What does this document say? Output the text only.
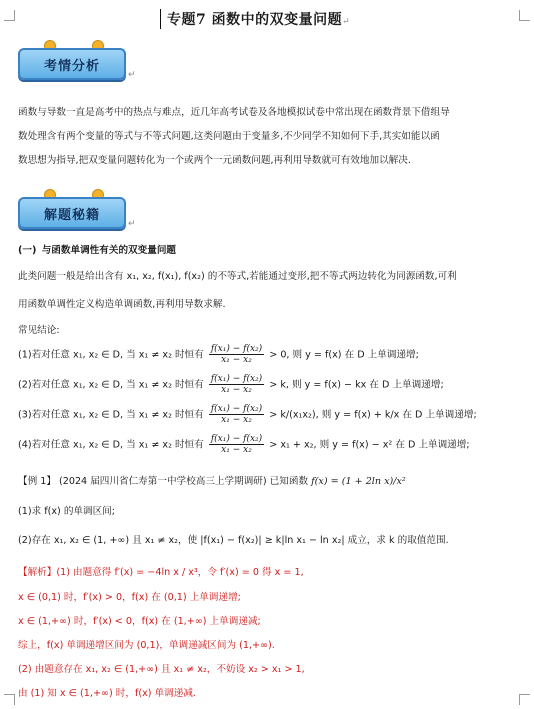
专题7 函数中的双变量问题↵
考情分析
↵
函数与导数一直是高考中的热点与难点，近几年高考试卷及各地模拟试卷中常出现在函数背景下借组导
数处理含有两个变量的等式与不等式问题,这类问题由于变量多,不少同学不知如何下手,其实如能以函
数思想为指导,把双变量问题转化为一个或两个一元函数问题,再利用导数就可有效地加以解决.
解题秘籍
↵
(一) 与函数单调性有关的双变量问题
此类问题一般是给出含有 x₁, x₂, f(x₁), f(x₂) 的不等式,若能通过变形,把不等式两边转化为同源函数,可利
用函数单调性定义构造单调函数,再利用导数求解.
常见结论:
(1)若对任意 x₁, x₂ ∈ D, 当 x₁ ≠ x₂ 时恒有 $\frac{\text{f(x₁) − f(x₂)}}{\text{x₁ − x₂}} > 0$, 则 y = f(x) 在 D 上单调递增;
(2)若对任意 x₁, x₂ ∈ D, 当 x₁ ≠ x₂ 时恒有 $\frac{\text{f(x₁) − f(x₂)}}{\text{x₁ − x₂}} > k$, 则 y = f(x) − kx 在 D 上单调递增;
(3)若对任意 x₁, x₂ ∈ D, 当 x₁ ≠ x₂ 时恒有 $\frac{\text{f(x₁) − f(x₂)}}{\text{x₁ − x₂}} > k/(x_1x_2)$, 则 y = f(x) + k/x 在 D 上单调递增;
(4)若对任意 x₁, x₂ ∈ D, 当 x₁ ≠ x₂ 时恒有 $\frac{\text{f(x₁) − f(x₂)}}{\text{x₁ − x₂}} > x_1 + x_2$, 则 y = f(x) − x² 在 D 上单调递增;
【例 1】 (2024 届四川省仁寿第一中学校高三上学期调研) 已知函数 f(x) = (1 + 2ln x)/x²
(1)求 f(x) 的单调区间;
(2)存在 x₁, x₂ ∈ (1, +∞) 且 x₁ ≠ x₂，使 |f(x₁) − f(x₂)| ≥ k|ln x₁ − ln x₂| 成立，求 k 的取值范围.
【解析】(1) 由题意得 f′(x) = −4ln x / x³，令 f′(x) = 0 得 x = 1,
x ∈ (0,1) 时，f′(x) > 0，f(x) 在 (0,1) 上单调递增;
x ∈ (1,+∞) 时，f′(x) < 0，f(x) 在 (1,+∞) 上单调递减;
综上，f(x) 单调递增区间为 (0,1)，单调递减区间为 (1,+∞).
(2) 由题意存在 x₁, x₂ ∈ (1,+∞) 且 x₁ ≠ x₂，不妨设 x₂ > x₁ > 1,
由 (1) 知 x ∈ (1,+∞) 时，f(x) 单调递减.
